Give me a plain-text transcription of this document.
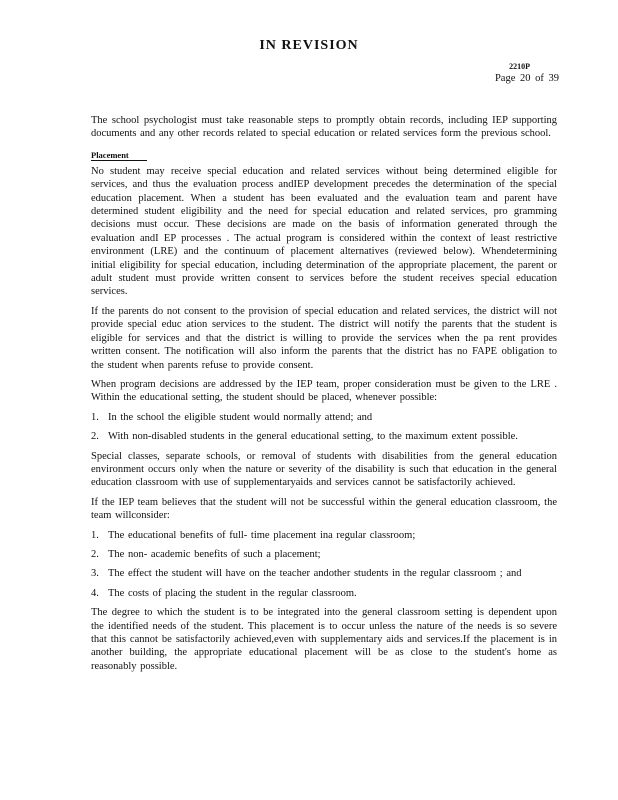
IN REVISION
2210P
Page 20 of 39

The school psychologist must take reasonable steps to promptly obtain records, including IEP supporting documents and any other records related to special education or related services form the previous school.

Placement

No student may receive special education and related services without being determined eligible for services, and thus the evaluation process andIEP development precedes the determination of the special education placement. When a student has been evaluated and the evaluation team and parent have determined student eligibility and the need for special education and related services, pro gramming decisions must occur. These decisions are made on the basis of information generated through the evaluation andI EP processes . The actual program is considered within the context of least restrictive environment (LRE) and the continuum of placement alternatives (reviewed below). Whendetermining initial eligibility for special education, including determination of the appropriate placement, the parent or adult student must provide written consent to services before the student receives special education services.

If the parents do not consent to the provision of special education and related services, the district will not provide special educ ation services to the student. The district will notify the parents that the student is eligible for services and that the district is willing to provide the services when the pa rent provides written consent. The notification will also inform the parents that the district has no FAPE obligation to the student when parents refuse to provide consent.

When program decisions are addressed by the IEP team, proper consideration must be given to the LRE . Within the educational setting, the student should be placed, whenever possible:

1. In the school the eligible student would normally attend; and
2. With non-disabled students in the general educational setting, to the maximum extent possible.

Special classes, separate schools, or removal of students with disabilities from the general education environment occurs only when the nature or severity of the disability is such that education in the general education classroom with use of supplementaryaids and services cannot be satisfactorily achieved.

If the IEP team believes that the student will not be successful within the general education classroom, the team willconsider:

1. The educational benefits of full- time placement ina regular classroom;
2. The non- academic benefits of such a placement;
3. The effect the student will have on the teacher andother students in the regular classroom ; and
4. The costs of placing the student in the regular classroom.

The degree to which the student is to be integrated into the general classroom setting is dependent upon the identified needs of the student. This placement is to occur unless the nature of the needs is so severe that this cannot be satisfactorily achieved,even with supplementary aids and services.If the placement is in another building, the appropriate educational placement will be as close to the student's home as reasonably possible.
